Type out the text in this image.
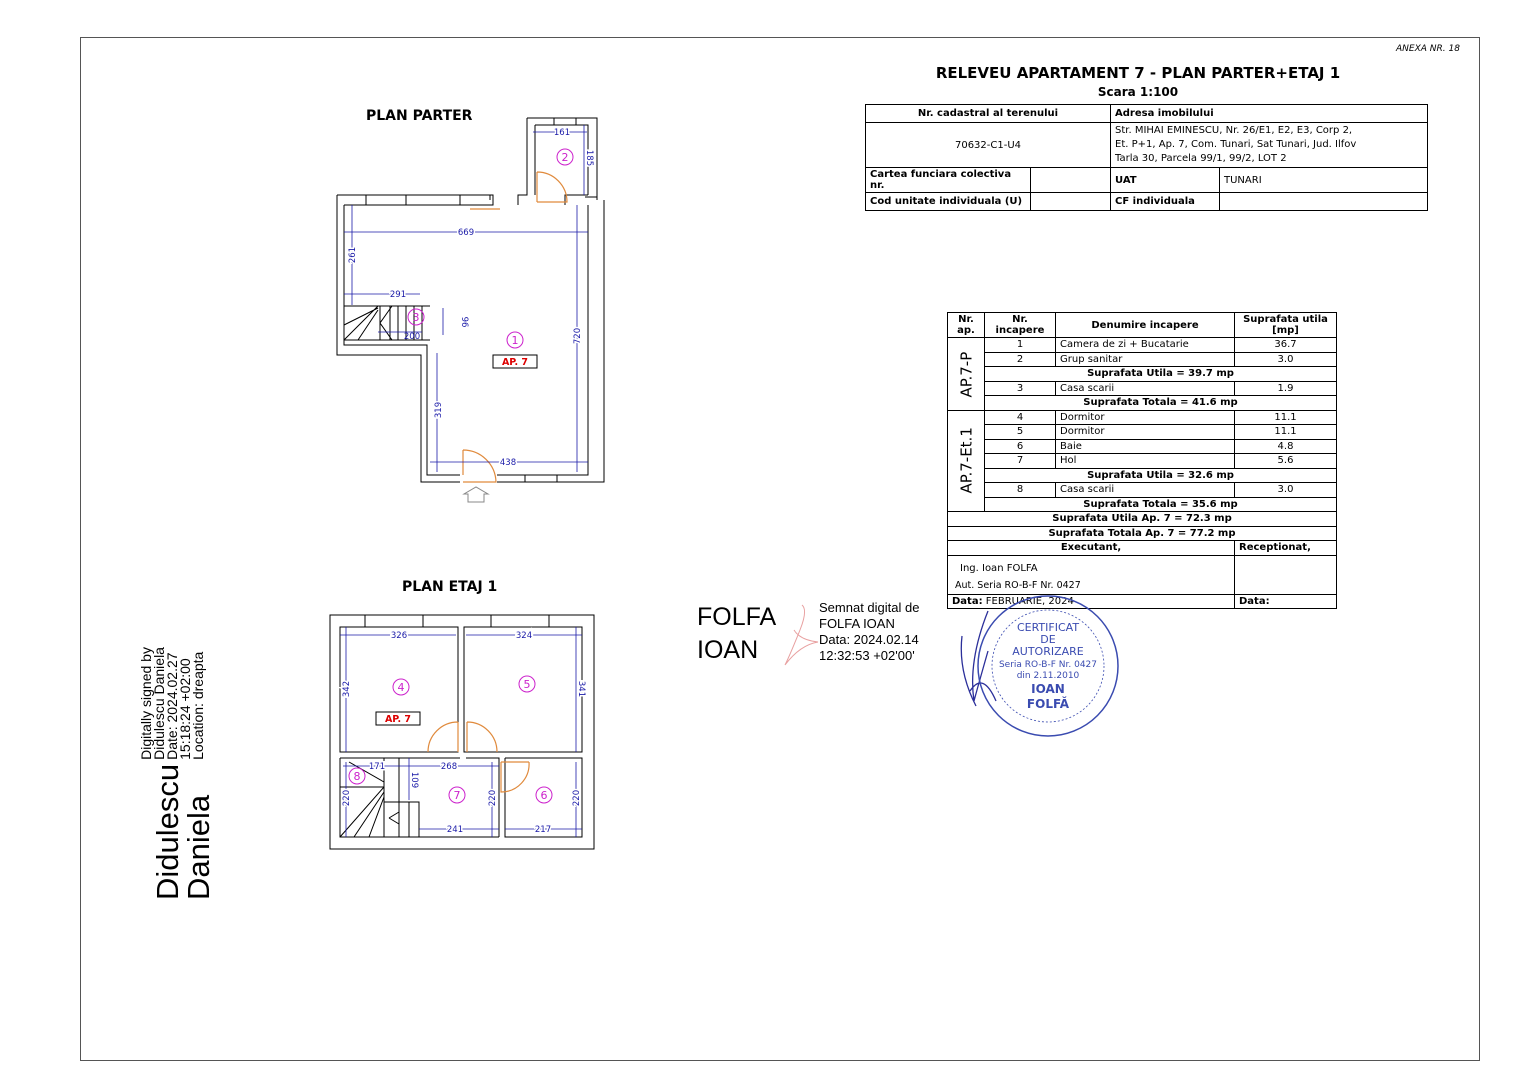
ANEXA NR. 18
RELEVEU APARTAMENT 7 - PLAN PARTER+ETAJ 1
Scara 1:100
Nr. cadastral al terenului		Adresa imobilului	
70632-C1-U4		Str. MIHAI EMINESCU, Nr. 26/E1, E2, E3, Corp 2,
Et. P+1, Ap. 7, Com. Tunari, Sat Tunari, Jud. Ilfov
Tarla 30, Parcela 99/1, 99/2, LOT 2	

Cartea funciara colectiva nr.		UAT	TUNARI
Cod unitate individuala (U)		CF individuala	
Nr. ap.	Nr. incapere	Denumire incapere	Suprafata utila [mp]
AP.7-P	1	Camera de zi + Bucatarie	36.7
	2	Grup sanitar	3.0
	Suprafata Utila = 39.7 mp		
	3	Casa scarii	1.9
	Suprafata Totala = 41.6 mp		
AP.7-Et.1	4	Dormitor	11.1
	5	Dormitor	11.1
	6	Baie	4.8
	7	Hol	5.6
	Suprafata Utila = 32.6 mp		
	8	Casa scarii	3.0
	Suprafata Totala = 35.6 mp		
Suprafata Utila Ap. 7 = 72.3 mp			
Suprafata Totala Ap. 7 = 77.2 mp			
Executant,			Receptionat,

Ing. Ioan FOLFA
Aut. Seria RO-B-F Nr. 0427
CERTIFICAT
DE
AUTORIZARE
Seria RO-B-F Nr. 0427
din 2.11.2010
IOAN
FOLFĂ

Data: FEBRUARIE, 2024			Data:
PLAN PARTER
669
291
200
438
161
261
96
720
319
185
1
2
3
AP. 7
PLAN ETAJ 1
326	324
171	268
241	217
342	341
109
220	220	220
4	5
6
7
8
AP. 7
Didulescu
Daniela
Digitally signed by
Didulescu Daniela
Date: 2024.02.27
15:18:24 +02:00
Location: dreapta
FOLFA
IOAN
Semnat digital de
FOLFA IOAN
Data: 2024.02.14
12:32:53 +02'00'
